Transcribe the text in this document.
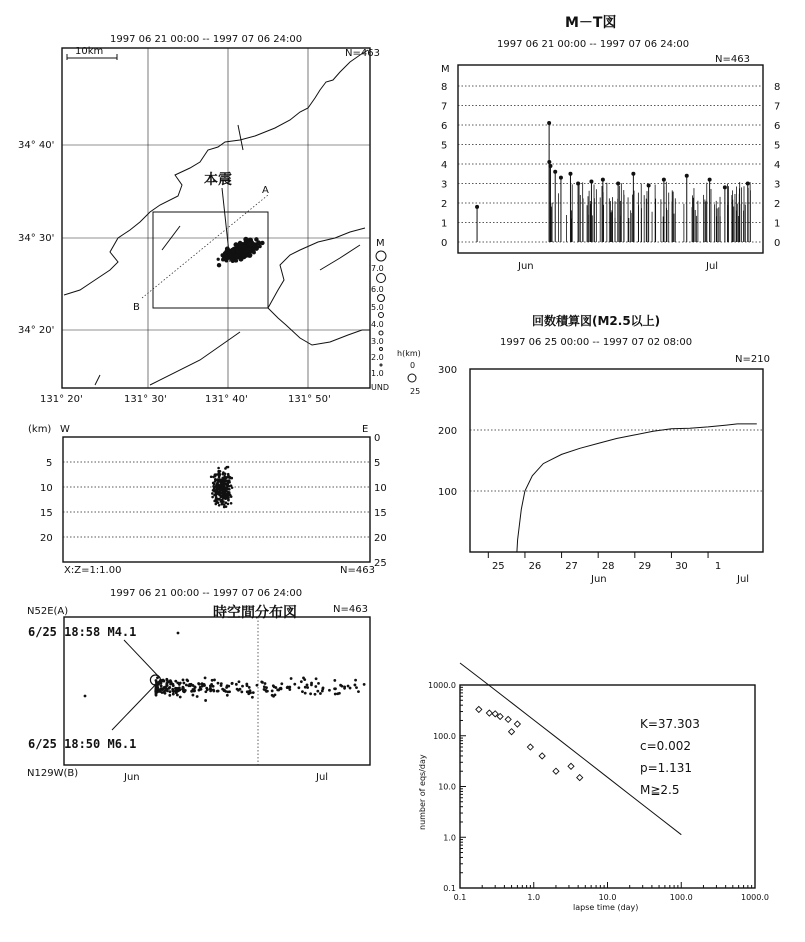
1997 06 21 00:00 -- 1997 07 06 24:00
N=463
10km
A
B
本震
34° 40'
34° 30'
34° 20'
131° 20'	131° 30'	131° 40'	131° 50'
M
7.0
6.0
5.0
4.0
3.0
2.0
1.0
UND
h(km)
0
25
(km) W	E
5
10
15
20
0
5
10
15
20
25
X:Z=1:1.00	N=463
1997 06 21 00:00 -- 1997 07 06 24:00
時空間分布図	N=463
N52E(A)
N129W(B)	Jun	Jul
6/25 18:58 M4.1
6/25 18:50 M6.1
M－T図
1997 06 21 00:00 -- 1997 07 06 24:00
N=463
M
0	0
1	1
2	2
3	3
4	4
5	5
6	6
7	7
8	8
Jun	Jul
回数積算図(M2.5以上)
1997 06 25 00:00 -- 1997 07 02 08:00
N=210
300
200
100
25 26 27 28 29 30	1
Jun	Jul
0.1	1.0	10.0	100.0	1000.0
1000.0
100.0
10.0
1.0
0.1
number of eqs/day
lapse time (day)
K=37.303
c=0.002
p=1.131
M≧2.5
